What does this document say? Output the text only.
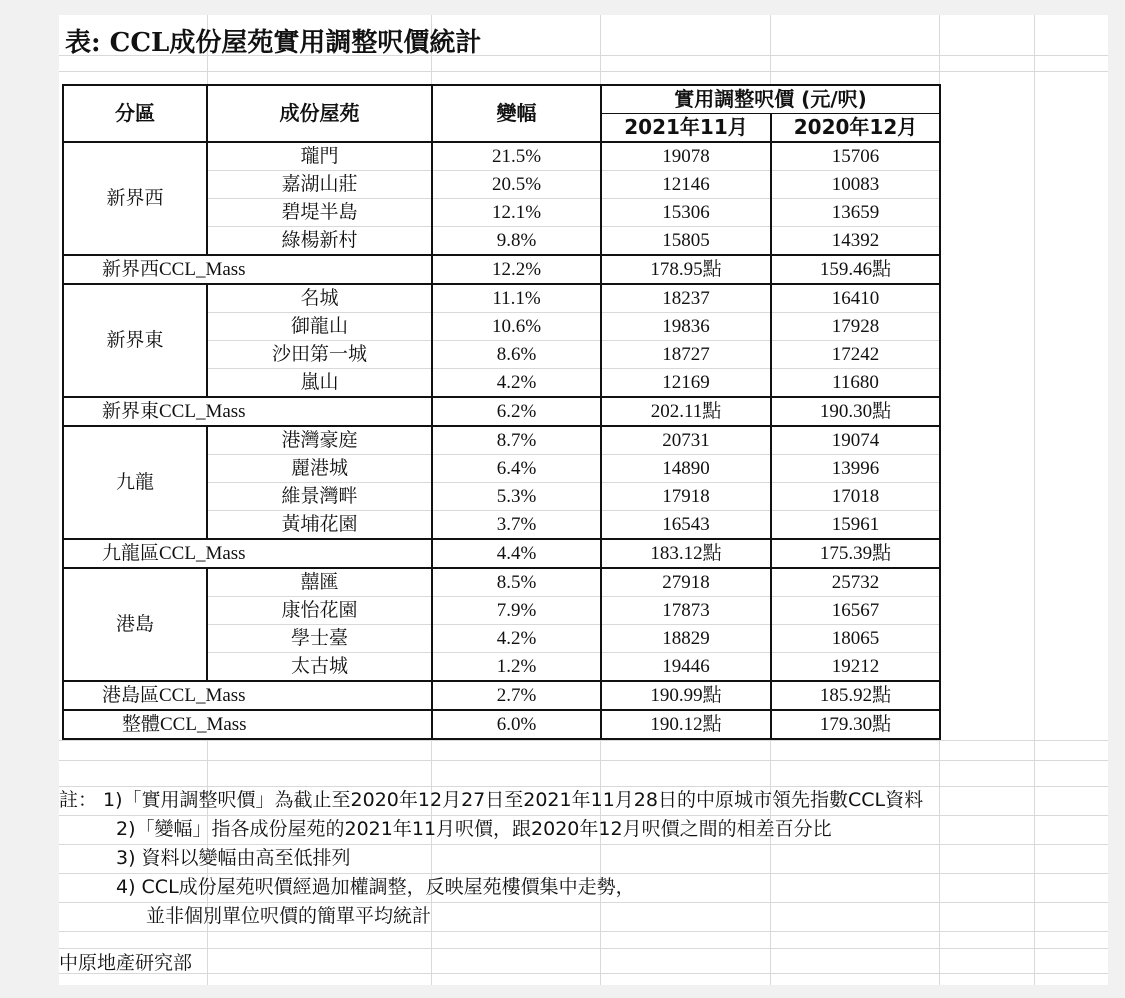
表: CCL成份屋苑實用調整呎價統計
分區	成份屋苑	變幅	實用調整呎價 (元/呎)	
			2021年11月	2020年12月
新界西	瓏門	21.5%	19078	15706
	嘉湖山莊	20.5%	12146	10083
	碧堤半島	12.1%	15306	13659
	綠楊新村	9.8%	15805	14392
新界西CCL_Mass		12.2%	178.95點	159.46點
新界東	名城	11.1%	18237	16410
	御龍山	10.6%	19836	17928
	沙田第一城	8.6%	18727	17242
	嵐山	4.2%	12169	11680
新界東CCL_Mass		6.2%	202.11點	190.30點
九龍	港灣豪庭	8.7%	20731	19074
	麗港城	6.4%	14890	13996
	維景灣畔	5.3%	17918	17018
	黃埔花園	3.7%	16543	15961
九龍區CCL_Mass		4.4%	183.12點	175.39點
港島	囍匯	8.5%	27918	25732
	康怡花園	7.9%	17873	16567
	學士臺	4.2%	18829	18065
	太古城	1.2%	19446	19212
港島區CCL_Mass		2.7%	190.99點	185.92點
整體CCL_Mass		6.0%	190.12點	179.30點
註： 1)「實用調整呎價」為截止至2020年12月27日至2021年11月28日的中原城市領先指數CCL資料
2)「變幅」指各成份屋苑的2021年11月呎價，跟2020年12月呎價之間的相差百分比
3) 資料以變幅由高至低排列
4) CCL成份屋苑呎價經過加權調整，反映屋苑樓價集中走勢，
並非個別單位呎價的簡單平均統計
中原地產研究部
